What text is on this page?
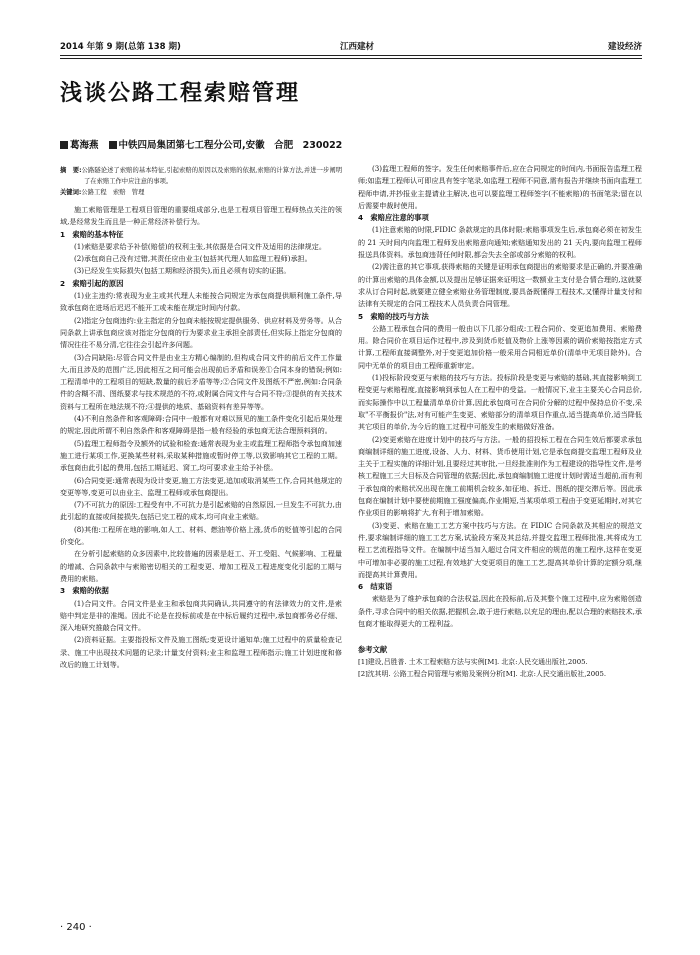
2014 年第 9 期(总第 138 期)	江西建材	建设经济
浅谈公路工程索赔管理
葛海燕 中铁四局集团第七工程分公司,安徽　合肥　230022

摘　要:公路隧论述了索赔的基本特征,引起索赔的原因以及索赔的依据,索赔的计算方法,并进一步阐明了在索赔工作中应注意的事项。

关键词:公路工程　索赔　管理

施工索赔管理是工程项目管理的重要组成部分,也是工程项目管理工程师热点关注的领域,是经常发生而且是一种正常经济补偿行为。

1　索赔的基本特征

(1)索赔是要求给予补偿(赔偿)的权利主张,其依据是合同文件及适用的法律规定。

(2)承包商自己没有过错,其责任应由业主(包括其代理人如监理工程师)承担。

(3)已经发生实际损失(包括工期和经济损失),而且必须有切实的证据。

2　索赔引起的原因

(1)业主违约:常表现为业主或其代理人未能按合同规定为承包商提供顺利施工条件,导致承包商在进场后迟迟不能开工或未能在规定时间内付款。

(2)指定分包商违约:业主指定的分包商未能按规定提供服务、供应材料及劳务等。从合同条款上讲承包商应该对指定分包商的行为要求业主承担全部责任,但实际上指定分包商的情况往往不易分清,它往往会引起许多问题。

(3)合同缺陷:尽管合同文件是由业主方精心编制的,但构成合同文件的前后文件工作量大,而且涉及的范围广泛,因此相互之间可能会出现前后矛盾和误差①合同本身的错误;例如:工程清单中的工程项目的短缺,数量的前后矛盾等等;②合同文件及图纸不严密,例如:合同条件的含糊不清、图纸要求与技术规范的不符,或附属合同文件与合同不符;③提供的有关技术资料与工程所在地法规不符;④提供的地质、基础资料有差异等等。

(4)不利自然条件和客观障碍:合同中一般都有对难以预见的施工条件变化引起后果处理的规定,因此所谓不利自然条件和客观障碍是指一般有经验的承包商无法合理预料到的。

(5)监理工程师指令及额外的试验和检查:通常表现为业主或监理工程师指令承包商加速施工进行某项工作,更换某些材料,采取某种措施或暂时停工等,以致影响其它工程的工期。承包商由此引起的费用,包括工期延迟、窝工,均可要求业主给予补偿。

(6)合同变更:通常表现为设计变更,施工方法变更,追加或取消某些工作,合同其他规定的变更等等,变更可以由业主、监理工程师或承包商提出。

(7)不可抗力的原因:工程受有中,不可抗力是引起索赔的自然原因,一旦发生不可抗力,由此引起的直接或间接损失,包括已完工程的成本,均可向业主索赔。

(8)其他:工程所在地的影响,如人工、材料、燃油等价格上涨,货币的贬值等引起的合同价变化。

在分析引起索赔的众多因素中,比较普遍的因素是赶工、开工受阻、气候影响、工程量的增减、合同条款中与索赔密切相关的工程变更、增加工程及工程进度变化引起的工期与费用的索赔。

3　索赔的依据

(1)合同文件。合同文件是业主和承包商共同确认,共同遵守的有法律效力的文件,是索赔中判定是非的准绳。因此不论是在投标前或是在中标后履约过程中,承包商都务必仔细、深入地研究推敲合同文件。

(2)资料证据。主要指投标文件及施工图纸;变更设计通知单;施工过程中的质量检查记录、施工中出现技术问题的记录;计量支付资料;业主和监理工程师指示;施工计划进度和修改后的施工计划等。

(3)监理工程师的签字。发生任何索赔事件后,应在合同规定的时间内,书面报告监理工程师;如监理工程师认可即应具有签字笔录,如监理工程师不同意,需有报告并继续书面向监理工程师申请,并抄报业主提请业主解决,也可以要监理工程师签字(不能索赔)的书面笔录;留在以后需要申裁时使用。

4　索赔应注意的事项

(1)注意索赔的时限,FIDIC 条款规定的具体时限:索赔事项发生后,承包商必须在初发生的 21 天时间内向监理工程师发出索赔意向通知;索赔通知发出的 21 天内,要向监理工程师报送具体资料。承包商违背任何时限,都会失去全部或部分索赔的权利。

(2)需注意的其它事项,获得索赔的关键是证明承包商提出的索赔要求是正确的,并要准确的计算出索赔的具体金额,以及提出足够证据来证明这一数额业主支付是合情合理的,这就要求从订合同时起,就要建立健全索赔业务管理制度,要具备既懂得工程技术,又懂得计量支付和法律有关规定的合同工程技术人员负责合同管理。

5　索赔的技巧与方法

公路工程承包合同的费用一般由以下几部分组成:工程合同价、变更追加费用、索赔费用。除合同价在项目运作过程中,涉及到货币贬值及物价上涨等因素的调价索赔按指定方式计算,工程师直接调整外,对于变更追加价格一般采用合同相近单价(清单中无项目除外)。合同中无单价的项目由工程师重新审定。

(1)投标阶段变更与索赔的技巧与方法。投标阶段是变更与索赔的基础,其直接影响到工程变更与索赔程度,直接影响到承包人在工程中的受益。一般情况下,业主主要关心合同总价,而实际操作中以工程量清单单价计算,因此承包商可在合同价分解的过程中保持总价不变,采取"不平衡报价"法,对有可能产生变更、索赔部分的清单项目作重点,适当提高单价,适当降低其它项目的单价,为今后的施工过程中可能发生的索赔做好准备。

(2)变更索赔在进度计划中的技巧与方法。一般的招投标工程在合同生效后都要求承包商编制详细的施工进度,设备、人力、材料、货币使用计划,它是承包商提交监理工程师及业主关于工程实施的详细计划,且要经过其审批,一旦经批准则作为工程建设的指导性文件,是考核工程施工三大目标及合同管理的依据;因此,承包商编制施工进度计划时需适当超前,而有利于承包商的索赔状况出现在施工前期机会较多,如征地、拆迁、图纸的提交滞后等。因此承包商在编制计划中要使前期施工强度偏高,作业期短,当某项单项工程由于变更延期时,对其它作业项目的影响将扩大,有利于增加索赔。

(3)变更、索赔在施工工艺方案中技巧与方法。在 FIDIC 合同条款及其相应的规范文件,要求编制详细的施工工艺方案,试验段方案及其总结,并提交监理工程师批准,其将成为工程工艺流程指导文件。在编制中适当加入超过合同文件相应的规范的施工程序,这样在变更中可增加非必要的施工过程,有效地扩大变更项目的施工工艺,提高其单价计算的定额分项,继而提高其计算费用。

6　结束语

索赔是为了维护承包商的合法权益,因此在投标前,后及其整个施工过程中,应为索赔创造条件,寻求合同中的相关依据,把握机会,敢于进行索赔,以充足的理由,配以合理的索赔技术,承包商才能取得更大的工程利益。

参考文献

[1]建设,吕胜普. 土木工程索赔方法与实例[M]. 北京:人民交通出版社,2005.

[2]沈其明. 公路工程合同管理与索赔及案例分析[M]. 北京:人民交通出版社,2005.

· 240 ·
